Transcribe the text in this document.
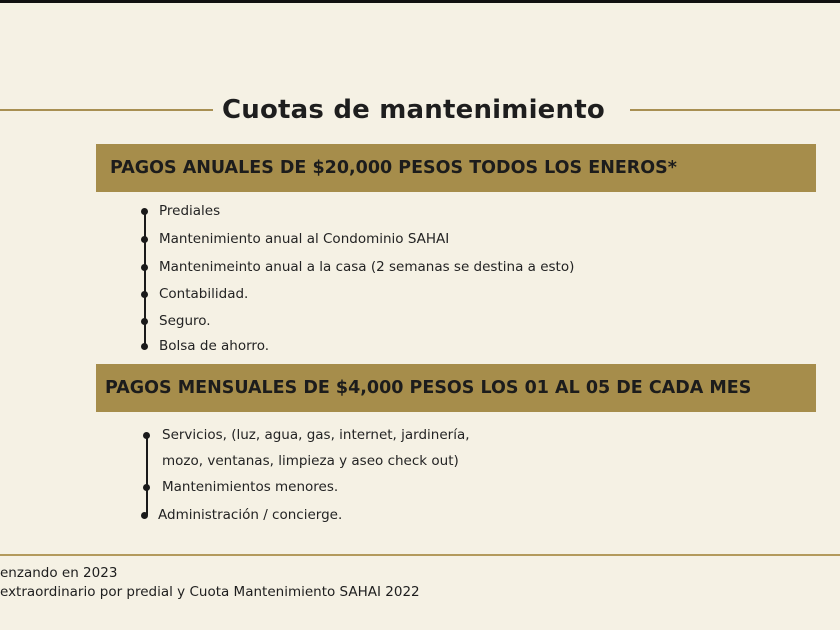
Cuotas de mantenimiento
PAGOS ANUALES DE $20,000 PESOS TODOS LOS ENEROS*
Prediales
Mantenimiento anual al Condominio SAHAI
Mantenimeinto anual a la casa (2 semanas se destina a esto)
Contabilidad.
Seguro.
Bolsa de ahorro.
PAGOS MENSUALES DE $4,000 PESOS LOS 01 AL 05 DE CADA MES
Servicios, (luz, agua, gas, internet, jardinería,
mozo, ventanas, limpieza y aseo check out)
Mantenimientos menores.
Administración / concierge.
enzando en 2023
extraordinario por predial y Cuota Mantenimiento SAHAI 2022
